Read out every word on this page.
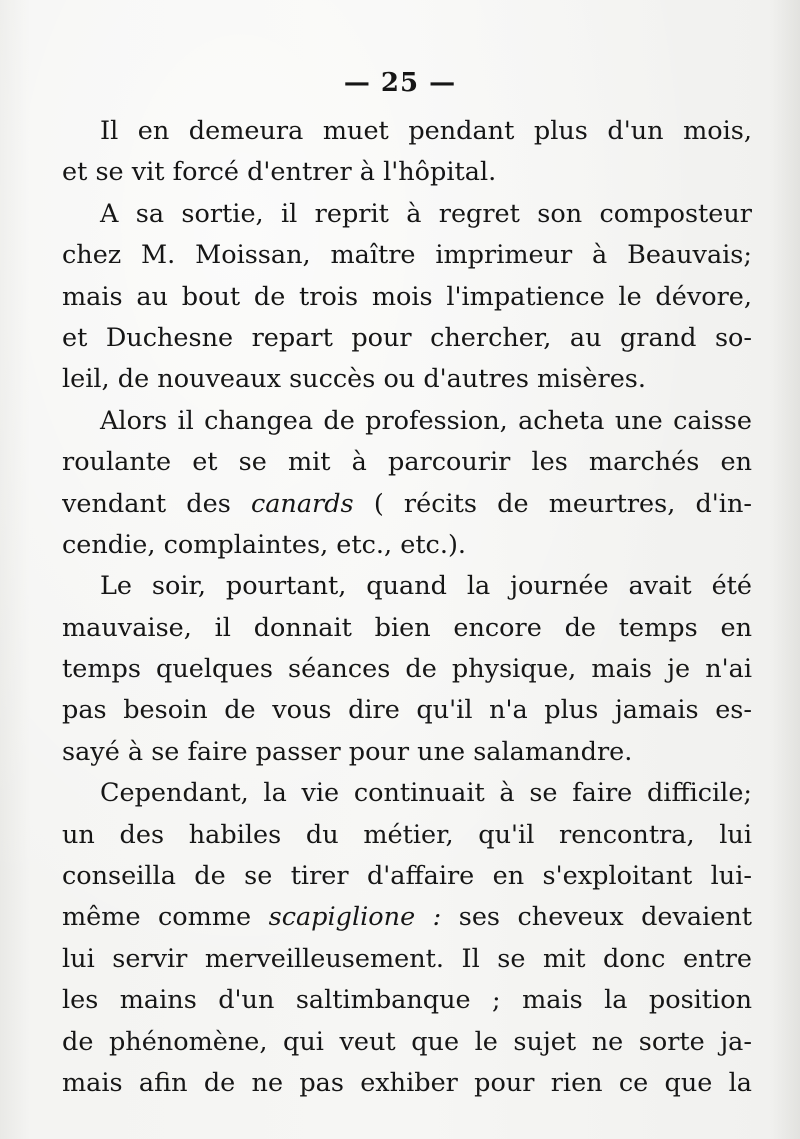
— 25 —
Il en demeura muet pendant plus d'un mois,
et se vit forcé d'entrer à l'hôpital.
A sa sortie, il reprit à regret son composteur
chez M. Moissan, maître imprimeur à Beauvais;
mais au bout de trois mois l'impatience le dévore,
et Duchesne repart pour chercher, au grand so-
leil, de nouveaux succès ou d'autres misères.
Alors il changea de profession, acheta une caisse
roulante et se mit à parcourir les marchés en
vendant des canards ( récits de meurtres, d'in-
cendie, complaintes, etc., etc.).
Le soir, pourtant, quand la journée avait été
mauvaise, il donnait bien encore de temps en
temps quelques séances de physique, mais je n'ai
pas besoin de vous dire qu'il n'a plus jamais es-
sayé à se faire passer pour une salamandre.
Cependant, la vie continuait à se faire difficile;
un des habiles du métier, qu'il rencontra, lui
conseilla de se tirer d'affaire en s'exploitant lui-
même comme scapiglione : ses cheveux devaient
lui servir merveilleusement. Il se mit donc entre
les mains d'un saltimbanque ; mais la position
de phénomène, qui veut que le sujet ne sorte ja-
mais afin de ne pas exhiber pour rien ce que la
